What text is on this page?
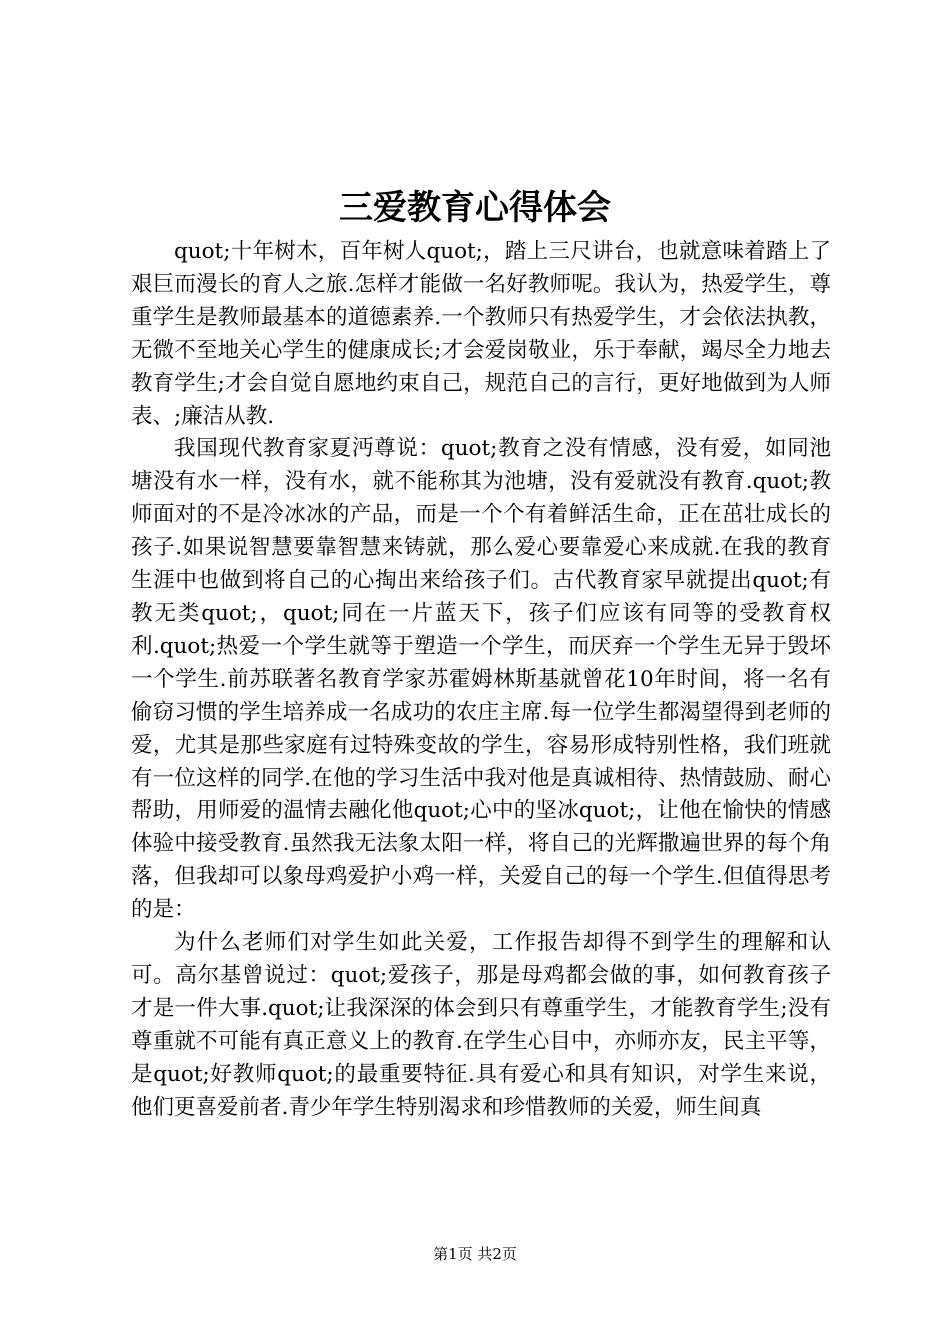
三爱教育心得体会

quot;十年树木，百年树人quot;，踏上三尺讲台，也就意味着踏上了艰巨而漫长的育人之旅.怎样才能做一名好教师呢。我认为，热爱学生，尊重学生是教师最基本的道德素养.一个教师只有热爱学生，才会依法执教，无微不至地关心学生的健康成长;才会爱岗敬业，乐于奉献，竭尽全力地去教育学生;才会自觉自愿地约束自己，规范自己的言行，更好地做到为人师表、;廉洁从教.

我国现代教育家夏沔尊说：quot;教育之没有情感，没有爱，如同池塘没有水一样，没有水，就不能称其为池塘，没有爱就没有教育.quot;教师面对的不是冷冰冰的产品，而是一个个有着鲜活生命，正在茁壮成长的孩子.如果说智慧要靠智慧来铸就，那么爱心要靠爱心来成就.在我的教育生涯中也做到将自己的心掏出来给孩子们。古代教育家早就提出quot;有教无类quot;，quot;同在一片蓝天下，孩子们应该有同等的受教育权利.quot;热爱一个学生就等于塑造一个学生，而厌弃一个学生无异于毁坏一个学生.前苏联著名教育学家苏霍姆林斯基就曾花10年时间，将一名有偷窃习惯的学生培养成一名成功的农庄主席.每一位学生都渴望得到老师的爱，尤其是那些家庭有过特殊变故的学生，容易形成特别性格，我们班就有一位这样的同学.在他的学习生活中我对他是真诚相待、热情鼓励、耐心帮助，用师爱的温情去融化他quot;心中的坚冰quot;，让他在愉快的情感体验中接受教育.虽然我无法象太阳一样，将自己的光辉撒遍世界的每个角落，但我却可以象母鸡爱护小鸡一样，关爱自己的每一个学生.但值得思考的是：

为什么老师们对学生如此关爱，工作报告却得不到学生的理解和认可。高尔基曾说过：quot;爱孩子，那是母鸡都会做的事，如何教育孩子才是一件大事.quot;让我深深的体会到只有尊重学生，才能教育学生;没有尊重就不可能有真正意义上的教育.在学生心目中，亦师亦友，民主平等，是quot;好教师quot;的最重要特征.具有爱心和具有知识，对学生来说，他们更喜爱前者.青少年学生特别渴求和珍惜教师的关爱，师生间真

第1页 共2页
